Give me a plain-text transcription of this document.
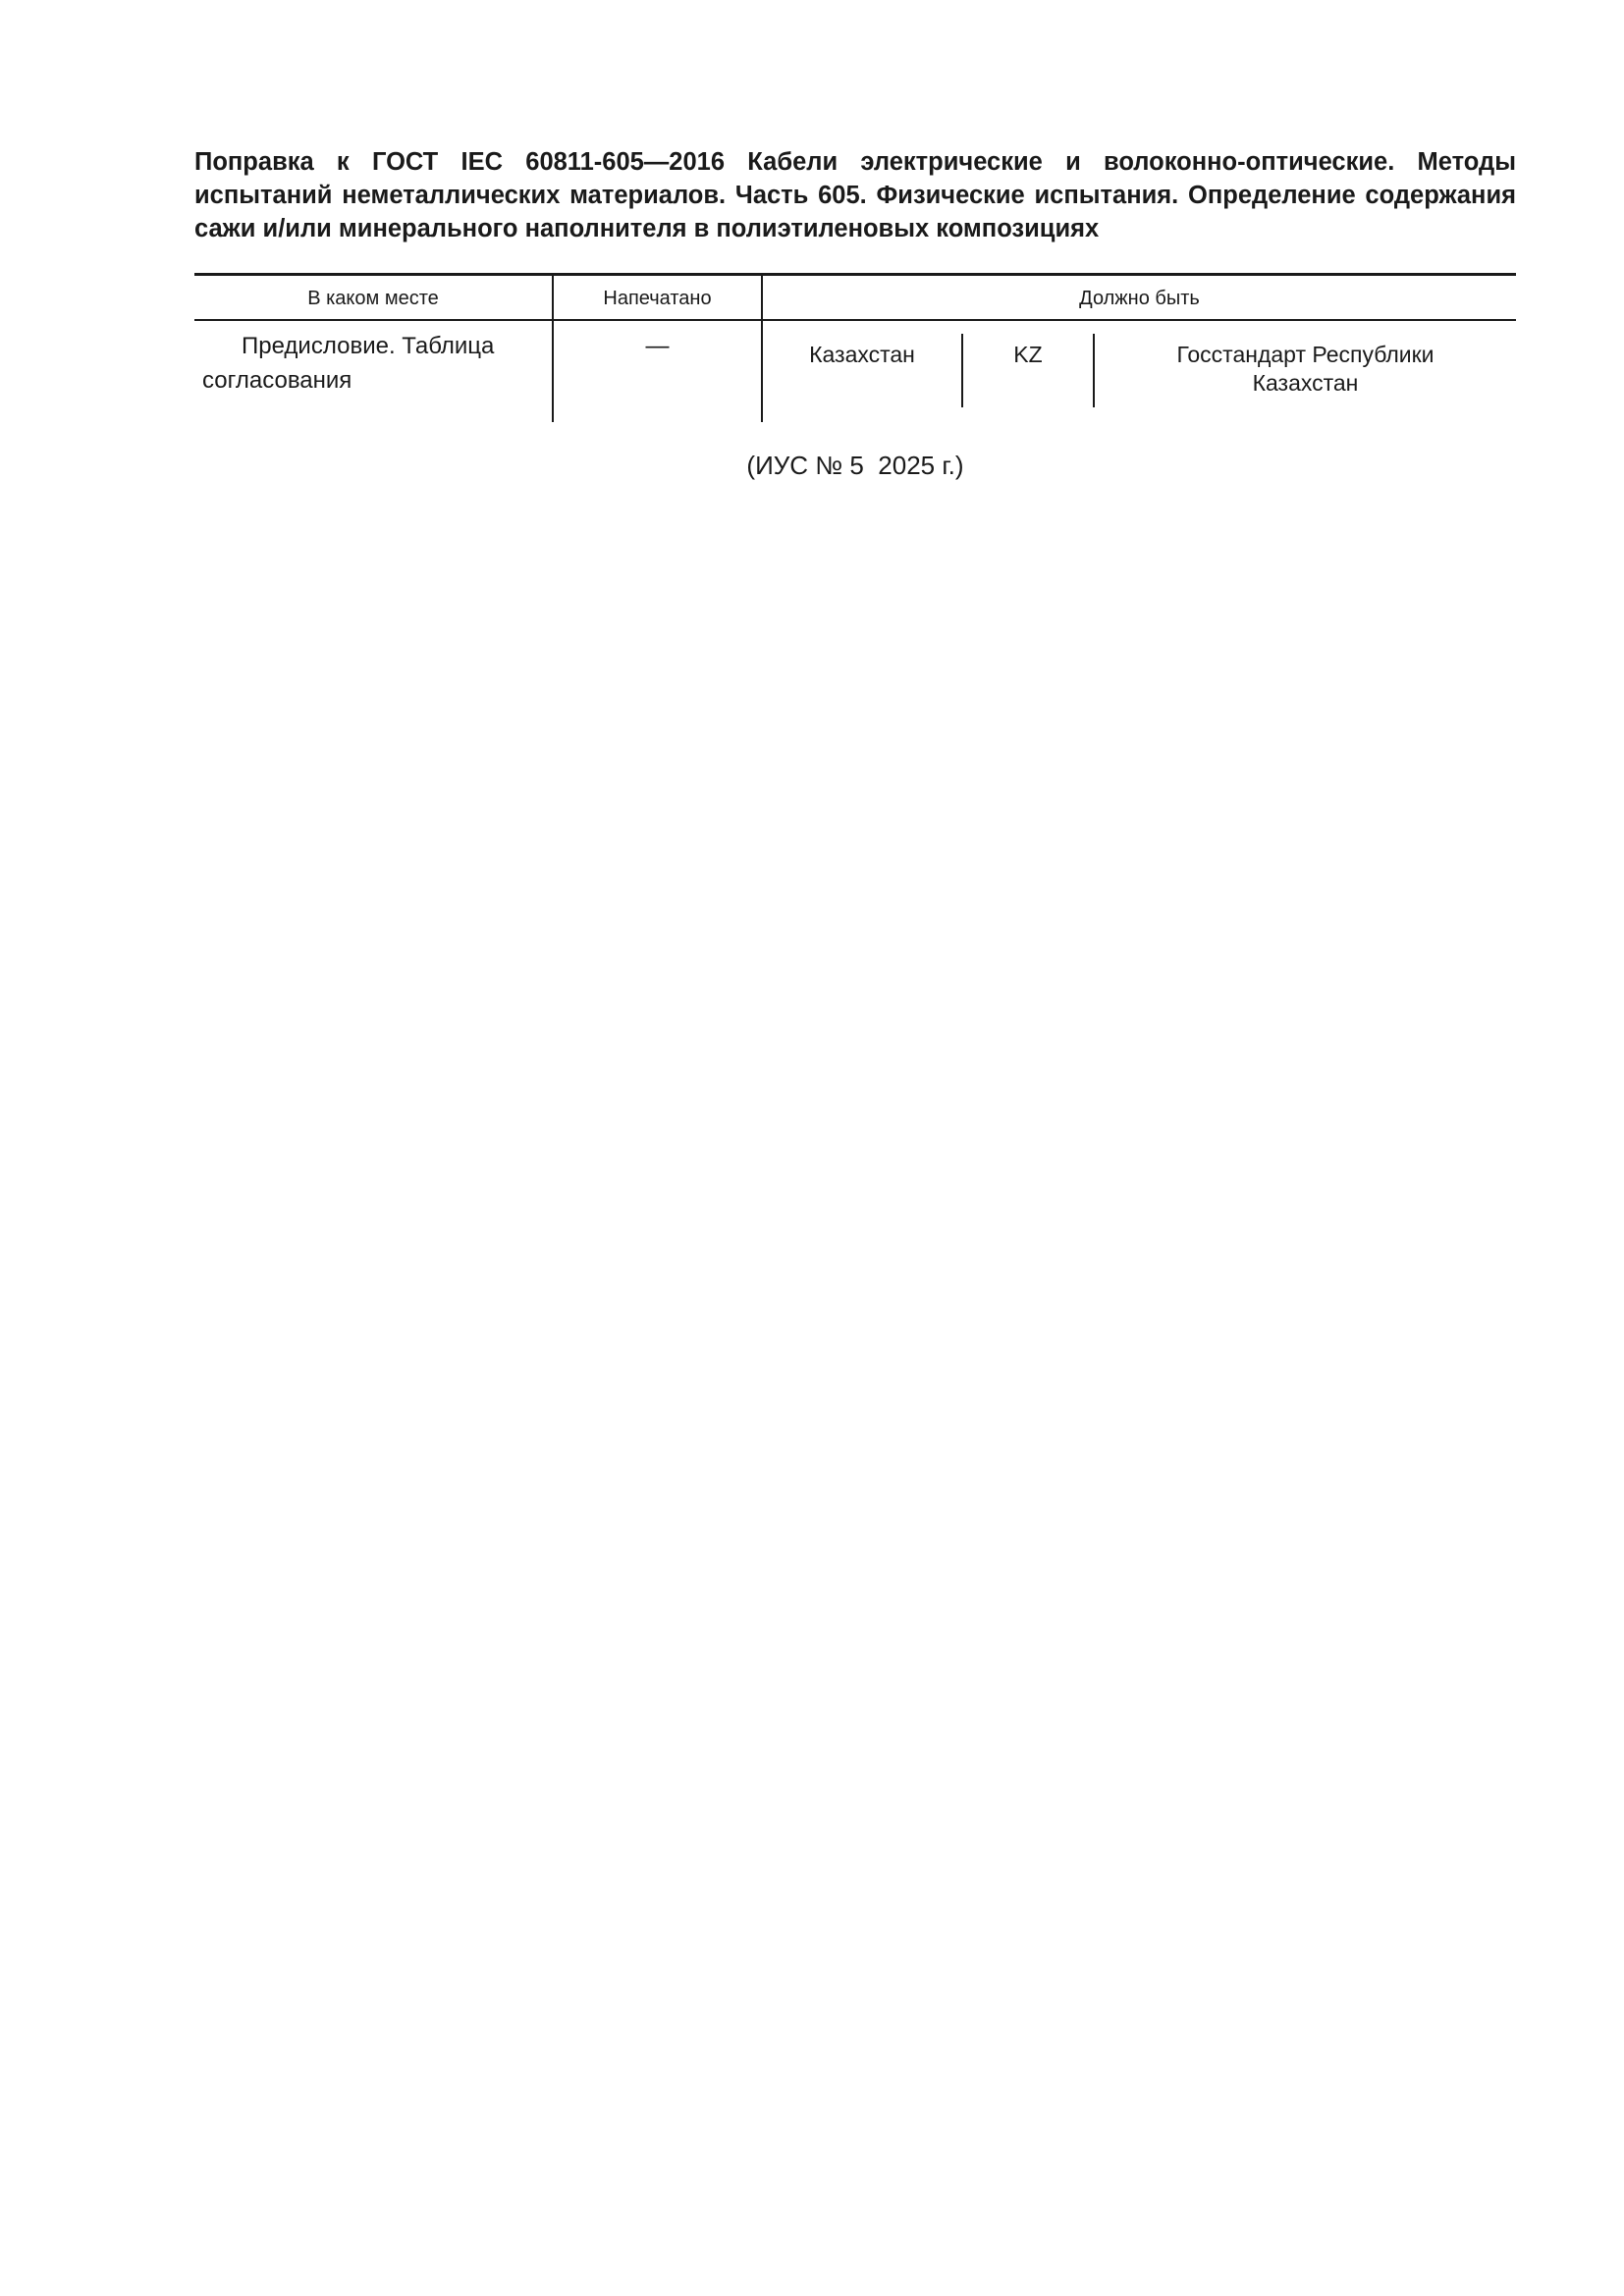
Поправка к ГОСТ IEC 60811-605—2016 Кабели электрические и волоконно-оптические. Методы испытаний неметаллических материалов. Часть 605. Физические испытания. Определение содержания сажи и/или минерального наполнителя в полиэтиленовых композициях

В каком месте	Напечатано	Должно быть
Предисловие. Таблица
согласования
—	Казахстан	KZ	Госстандарт Республики
Казахстан
(ИУС № 5  2025 г.)
